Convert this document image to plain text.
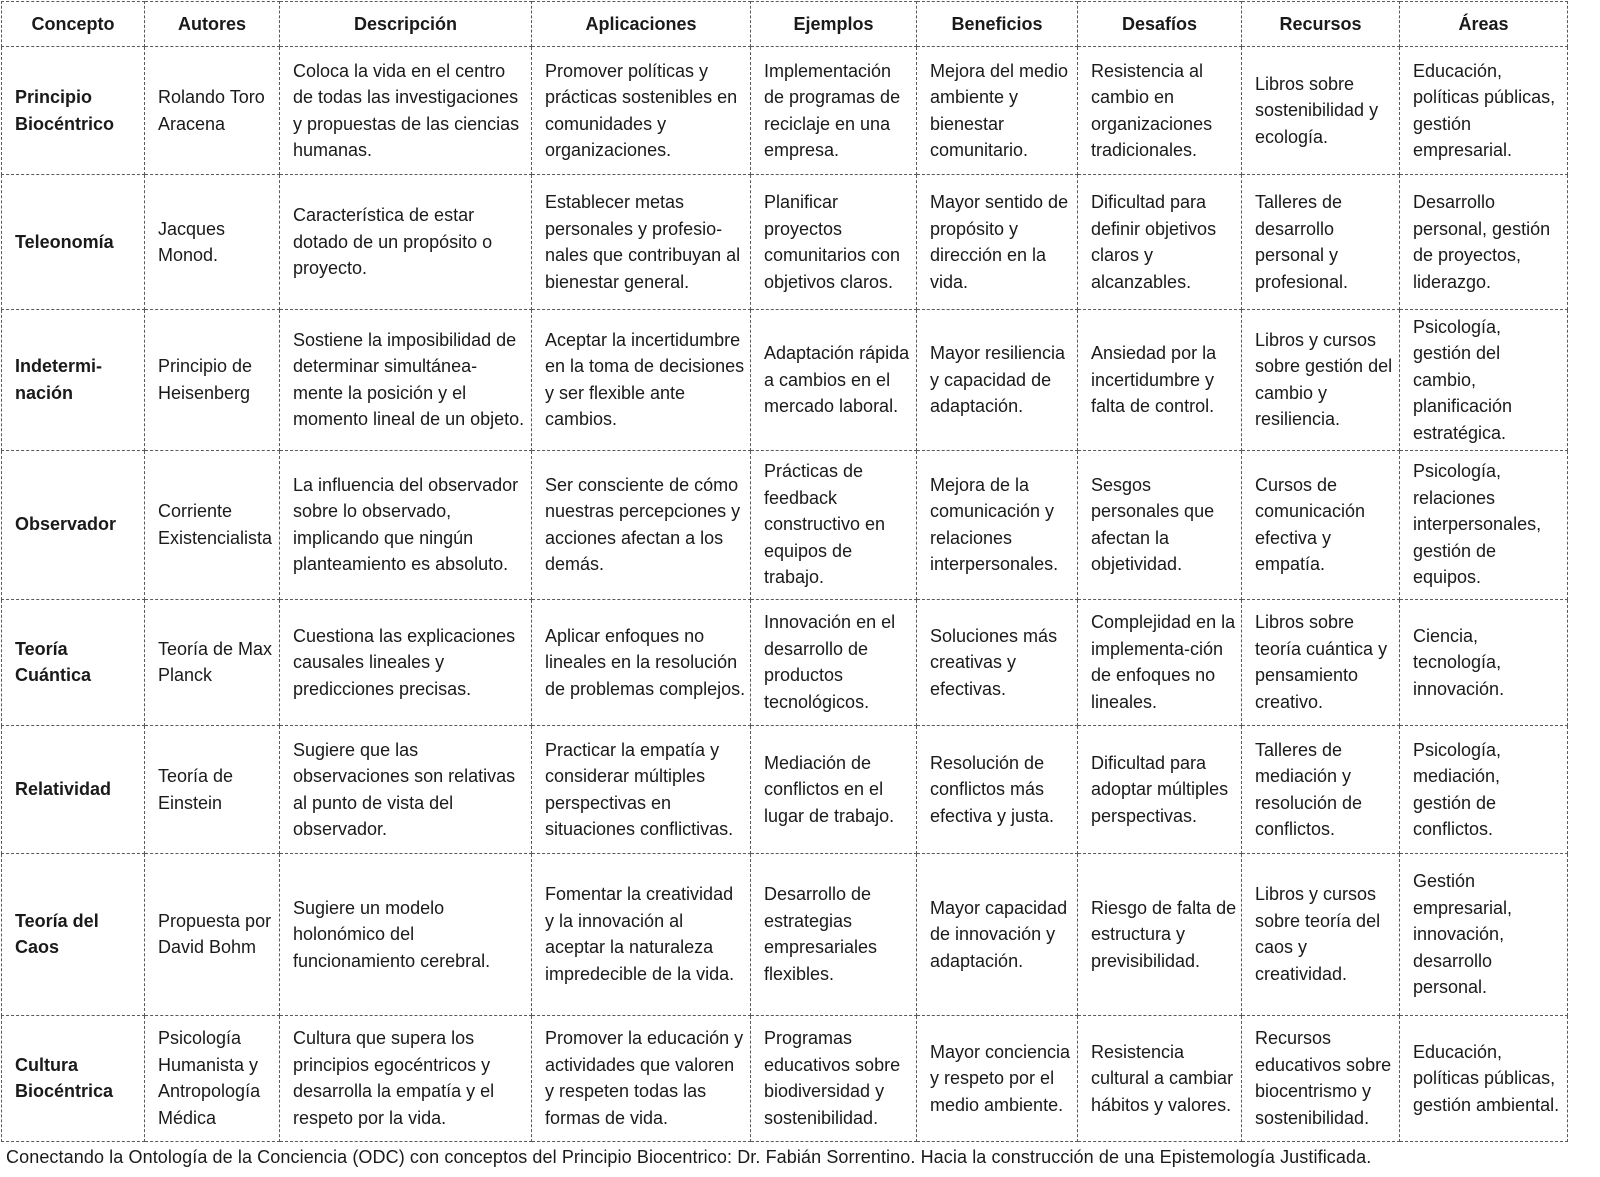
Concepto	Autores	Descripción	Aplicaciones	Ejemplos	Beneficios	Desafíos	Recursos	Áreas
Principio Biocéntrico	Rolando Toro Aracena	Coloca la vida en el centro de todas las investigaciones y propuestas de las ciencias humanas.	Promover políticas y prácticas sostenibles en comunidades y organizaciones.	Implementación de programas de reciclaje en una empresa.	Mejora del medio ambiente y bienestar comunitario.	Resistencia al cambio en organizaciones tradicionales.	Libros sobre sostenibilidad y ecología.	Educación, políticas públicas, gestión empresarial.
Teleonomía	Jacques Monod.	Característica de estar dotado de un propósito o proyecto.	Establecer metas personales y profesio-nales que contribuyan al bienestar general.	Planificar proyectos comunitarios con objetivos claros.	Mayor sentido de propósito y dirección en la vida.	Dificultad para definir objetivos claros y alcanzables.	Talleres de desarrollo personal y profesional.	Desarrollo personal, gestión de proyectos, liderazgo.
Indetermi-nación	Principio de Heisenberg	Sostiene la imposibilidad de determinar simultánea-mente la posición y el momento lineal de un objeto.	Aceptar la incertidumbre en la toma de decisiones y ser flexible ante cambios.	Adaptación rápida a cambios en el mercado laboral.	Mayor resiliencia y capacidad de adaptación.	Ansiedad por la incertidumbre y falta de control.	Libros y cursos sobre gestión del cambio y resiliencia.	Psicología, gestión del cambio, planificación estratégica.
Observador	Corriente Existencialista	La influencia del observador sobre lo observado, implicando que ningún planteamiento es absoluto.	Ser consciente de cómo nuestras percepciones y acciones afectan a los demás.	Prácticas de feedback constructivo en equipos de trabajo.	Mejora de la comunicación y relaciones interpersonales.	Sesgos personales que afectan la objetividad.	Cursos de comunicación efectiva y empatía.	Psicología, relaciones interpersonales, gestión de equipos.
Teoría Cuántica	Teoría de Max Planck	Cuestiona las explicaciones causales lineales y predicciones precisas.	Aplicar enfoques no lineales en la resolución de problemas complejos.	Innovación en el desarrollo de productos tecnológicos.	Soluciones más creativas y efectivas.	Complejidad en la implementa-ción de enfoques no lineales.	Libros sobre teoría cuántica y pensamiento creativo.	Ciencia, tecnología, innovación.
Relatividad	Teoría de Einstein	Sugiere que las observaciones son relativas al punto de vista del observador.	Practicar la empatía y considerar múltiples perspectivas en situaciones conflictivas.	Mediación de conflictos en el lugar de trabajo.	Resolución de conflictos más efectiva y justa.	Dificultad para adoptar múltiples perspectivas.	Talleres de mediación y resolución de conflictos.	Psicología, mediación, gestión de conflictos.
Teoría del Caos	Propuesta por David Bohm	Sugiere un modelo holonómico del funcionamiento cerebral.	Fomentar la creatividad y la innovación al aceptar la naturaleza impredecible de la vida.	Desarrollo de estrategias empresariales flexibles.	Mayor capacidad de innovación y adaptación.	Riesgo de falta de estructura y previsibilidad.	Libros y cursos sobre teoría del caos y creatividad.	Gestión empresarial, innovación, desarrollo personal.
Cultura Biocéntrica	Psicología Humanista y Antropología Médica	Cultura que supera los principios egocéntricos y desarrolla la empatía y el respeto por la vida.	Promover la educación y actividades que valoren y respeten todas las formas de vida.	Programas educativos sobre biodiversidad y sostenibilidad.	Mayor conciencia y respeto por el medio ambiente.	Resistencia cultural a cambiar hábitos y valores.	Recursos educativos sobre biocentrismo y sostenibilidad.	Educación, políticas públicas, gestión ambiental.
Conectando la Ontología de la Conciencia (ODC) con conceptos del Principio Biocentrico: Dr. Fabián Sorrentino. Hacia la construcción de una Epistemología Justificada.
